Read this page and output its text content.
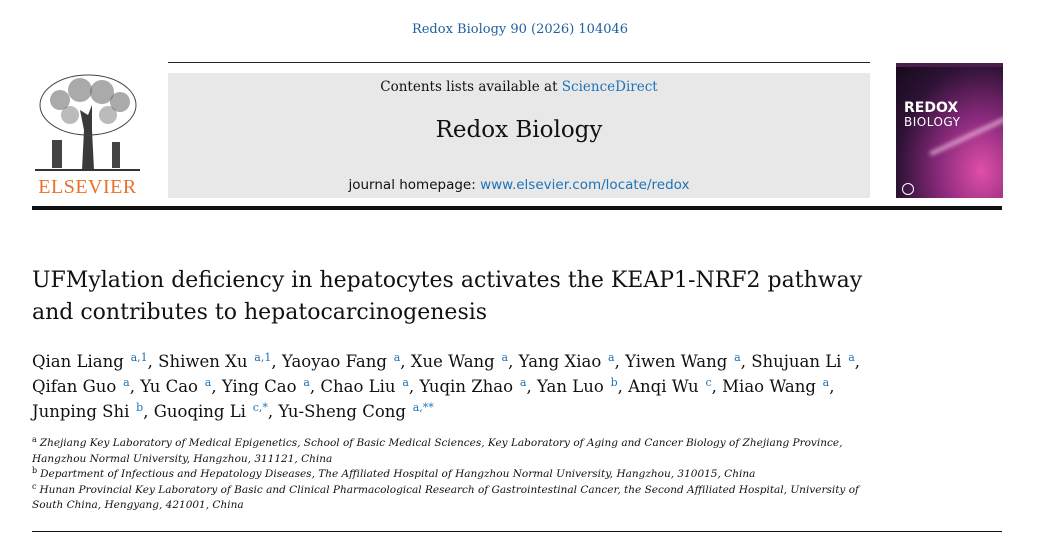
Redox Biology 90 (2026) 104046
ELSEVIER
Contents lists available at ScienceDirect
Redox Biology
journal homepage: www.elsevier.com/locate/redox
REDOX
BIOLOGY
UFMylation deficiency in hepatocytes activates the KEAP1-NRF2 pathway
and contributes to hepatocarcinogenesis
Qian Liang  $^{a,1}$, Shiwen Xu  $^{a,1}$, Yaoyao Fang  $^a$, Xue Wang  $^a$, Yang Xiao  $^a$, Yiwen Wang  $^a$, Shujuan Li  $^a$, Qifan Guo  $^a$, Yu Cao  $^a$, Ying Cao  $^a$, Chao Liu  $^a$, Yuqin Zhao  $^a$, Yan Luo  $^b$, Anqi Wu  $^c$, Miao Wang  $^a$, Junping Shi  $^b$, Guoqing Li  $^{c,*}$, Yu-Sheng Cong  $^{a,**}$
$^a$ Zhejiang Key Laboratory of Medical Epigenetics, School of Basic Medical Sciences, Key Laboratory of Aging and Cancer Biology of Zhejiang Province, Hangzhou Normal University, Hangzhou, 311121, China
$^b$ Department of Infectious and Hepatology Diseases, The Affiliated Hospital of Hangzhou Normal University, Hangzhou, 310015, China
$^c$ Hunan Provincial Key Laboratory of Basic and Clinical Pharmacological Research of Gastrointestinal Cancer, the Second Affiliated Hospital, University of South China, Hengyang, 421001, China
